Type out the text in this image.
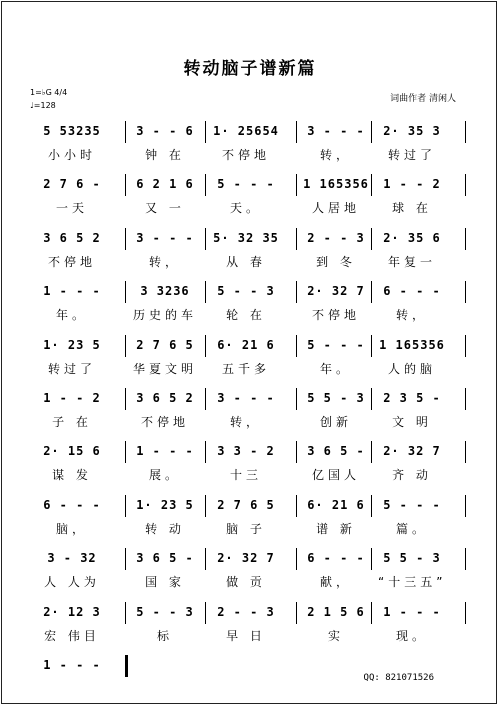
转动脑子谱新篇
1=♭G 4/4
♩=128
词曲作者 清闲人
5 53235	3 - - 6	1· 25654	3 - - -	2· 35 3
小小时	钟 在	不停地	转，	转过了
2 7 6 -	6 2 1 6	5 - - -	1 165356	1 - - 2
一天	又 一	天。	人居地	球 在
3 6 5 2	3 - - -	5· 32 35	2 - - 3	2· 35 6
不停地	转，	从 春	到 冬	年复一
1 - - -	3 3236	5 - - 3	2· 32 7	6 - - -
年。	历史的车	轮 在	不停地	转，
1· 23 5	2 7 6 5	6· 21 6	5 - - -	1 165356
转过了	华夏文明	五千多	年。	人的脑
1 - - 2	3 6 5 2	3 - - -	5 5 - 3	2 3 5 -
子 在	不停地	转，	创新	文 明
2· 15 6	1 - - -	3 3 - 2	3 6 5 -	2· 32 7
谋 发	展。	十三	亿国人	齐 动
6 - - -	1· 23 5	2 7 6 5	6· 21 6	5 - - -
脑，	转 动	脑 子	谱 新	篇。
3 - 32	3 6 5 -	2· 32 7	6 - - -	5 5 - 3
人 人为	国 家	做 贡	献，	“十三五”
2· 12 3	5 - - 3	2 - - 3	2 1 5 6	1 - - -
宏 伟目	标	早 日	实	现。
1 - - -
QQ: 821071526
